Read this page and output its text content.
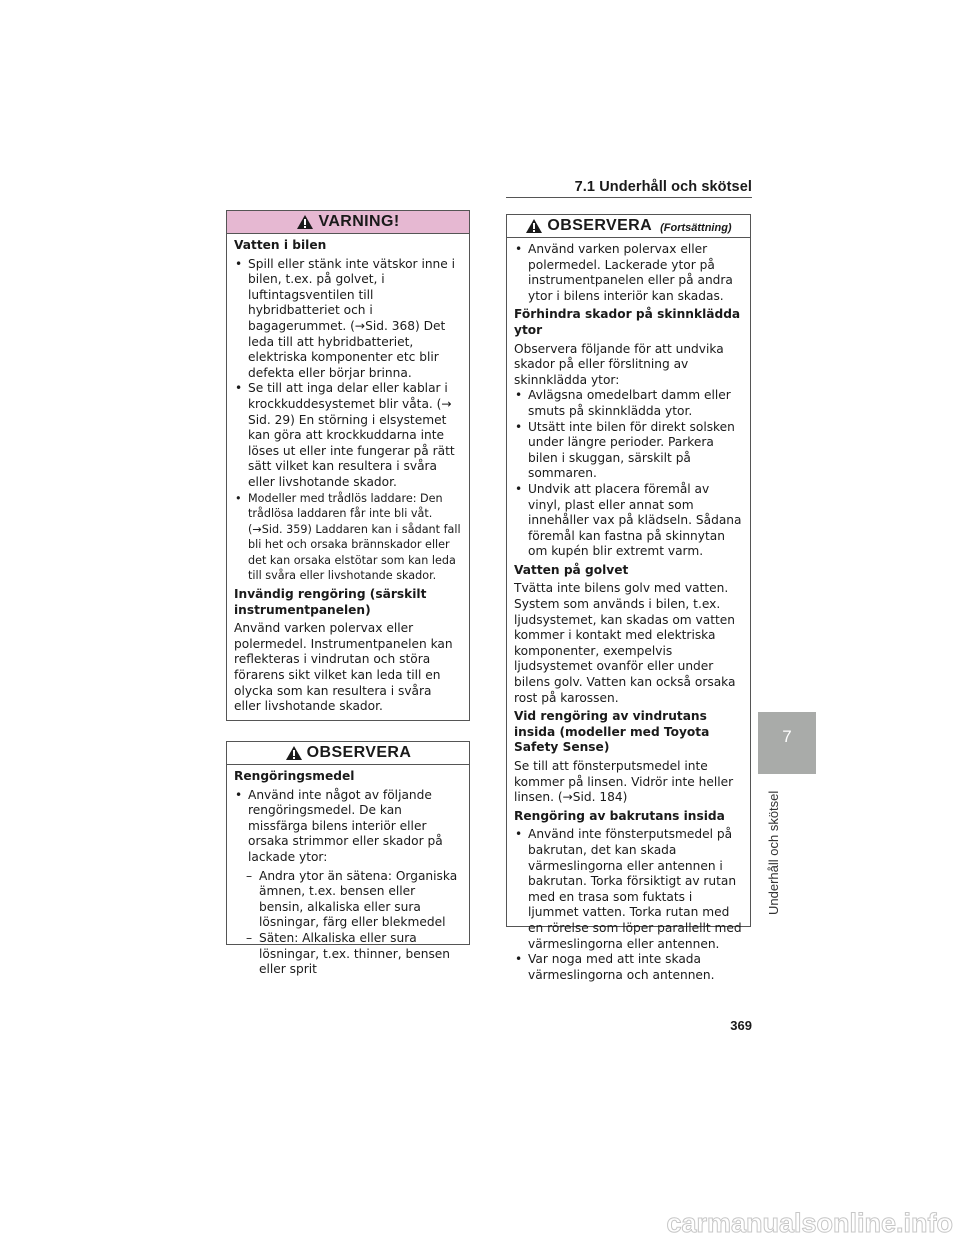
7.1 Underhåll och skötsel
VARNING!

Vatten i bilen

• Spill eller stänk inte vätskor inne i bilen, t.ex. på golvet, i luftintagsventilen till hybridbatteriet och i bagagerummet. (→Sid. 368) Det leda till att hybridbatteriet, elektriska komponenter etc blir defekta eller börjar brinna.
• Se till att inga delar eller kablar i krockkuddesystemet blir våta. (→ Sid. 29) En störning i elsystemet kan göra att krockkuddarna inte löses ut eller inte fungerar på rätt sätt vilket kan resultera i svåra eller livshotande skador.
• Modeller med trådlös laddare: Den trådlösa laddaren får inte bli våt. (→Sid. 359) Laddaren kan i sådant fall bli het och orsaka brännskador eller det kan orsaka elstötar som kan leda till svåra eller livshotande skador.

Invändig rengöring (särskilt instrumentpanelen)

Använd varken polervax eller polermedel. Instrumentpanelen kan reflekteras i vindrutan och störa förarens sikt vilket kan leda till en olycka som kan resultera i svåra eller livshotande skador.

OBSERVERA

Rengöringsmedel

• Använd inte något av följande rengöringsmedel. De kan missfärga bilens interiör eller orsaka strimmor eller skador på lackade ytor:
– Andra ytor än sätena: Organiska ämnen, t.ex. bensen eller bensin, alkaliska eller sura lösningar, färg eller blekmedel
– Säten: Alkaliska eller sura lösningar, t.ex. thinner, bensen eller sprit
OBSERVERA (Fortsättning)
• Använd varken polervax eller polermedel. Lackerade ytor på instrumentpanelen eller på andra ytor i bilens interiör kan skadas.

Förhindra skador på skinnklädda ytor

Observera följande för att undvika skador på eller förslitning av skinnklädda ytor:

• Avlägsna omedelbart damm eller smuts på skinnklädda ytor.
• Utsätt inte bilen för direkt solsken under längre perioder. Parkera bilen i skuggan, särskilt på sommaren.
• Undvik att placera föremål av vinyl, plast eller annat som innehåller vax på klädseln. Sådana föremål kan fastna på skinnytan om kupén blir extremt varm.

Vatten på golvet

Tvätta inte bilens golv med vatten. System som används i bilen, t.ex. ljudsystemet, kan skadas om vatten kommer i kontakt med elektriska komponenter, exempelvis ljudsystemet ovanför eller under bilens golv. Vatten kan också orsaka rost på karossen.

Vid rengöring av vindrutans insida (modeller med Toyota Safety Sense)

Se till att fönsterputsmedel inte kommer på linsen. Vidrör inte heller linsen. (→Sid. 184)

Rengöring av bakrutans insida

• Använd inte fönsterputsmedel på bakrutan, det kan skada värmeslingorna eller antennen i bakrutan. Torka försiktigt av rutan med en trasa som fuktats i ljummet vatten. Torka rutan med en rörelse som löper parallellt med värmeslingorna eller antennen.
• Var noga med att inte skada värmeslingorna och antennen.
7
Underhåll och skötsel
369
carmanualsonline.info
